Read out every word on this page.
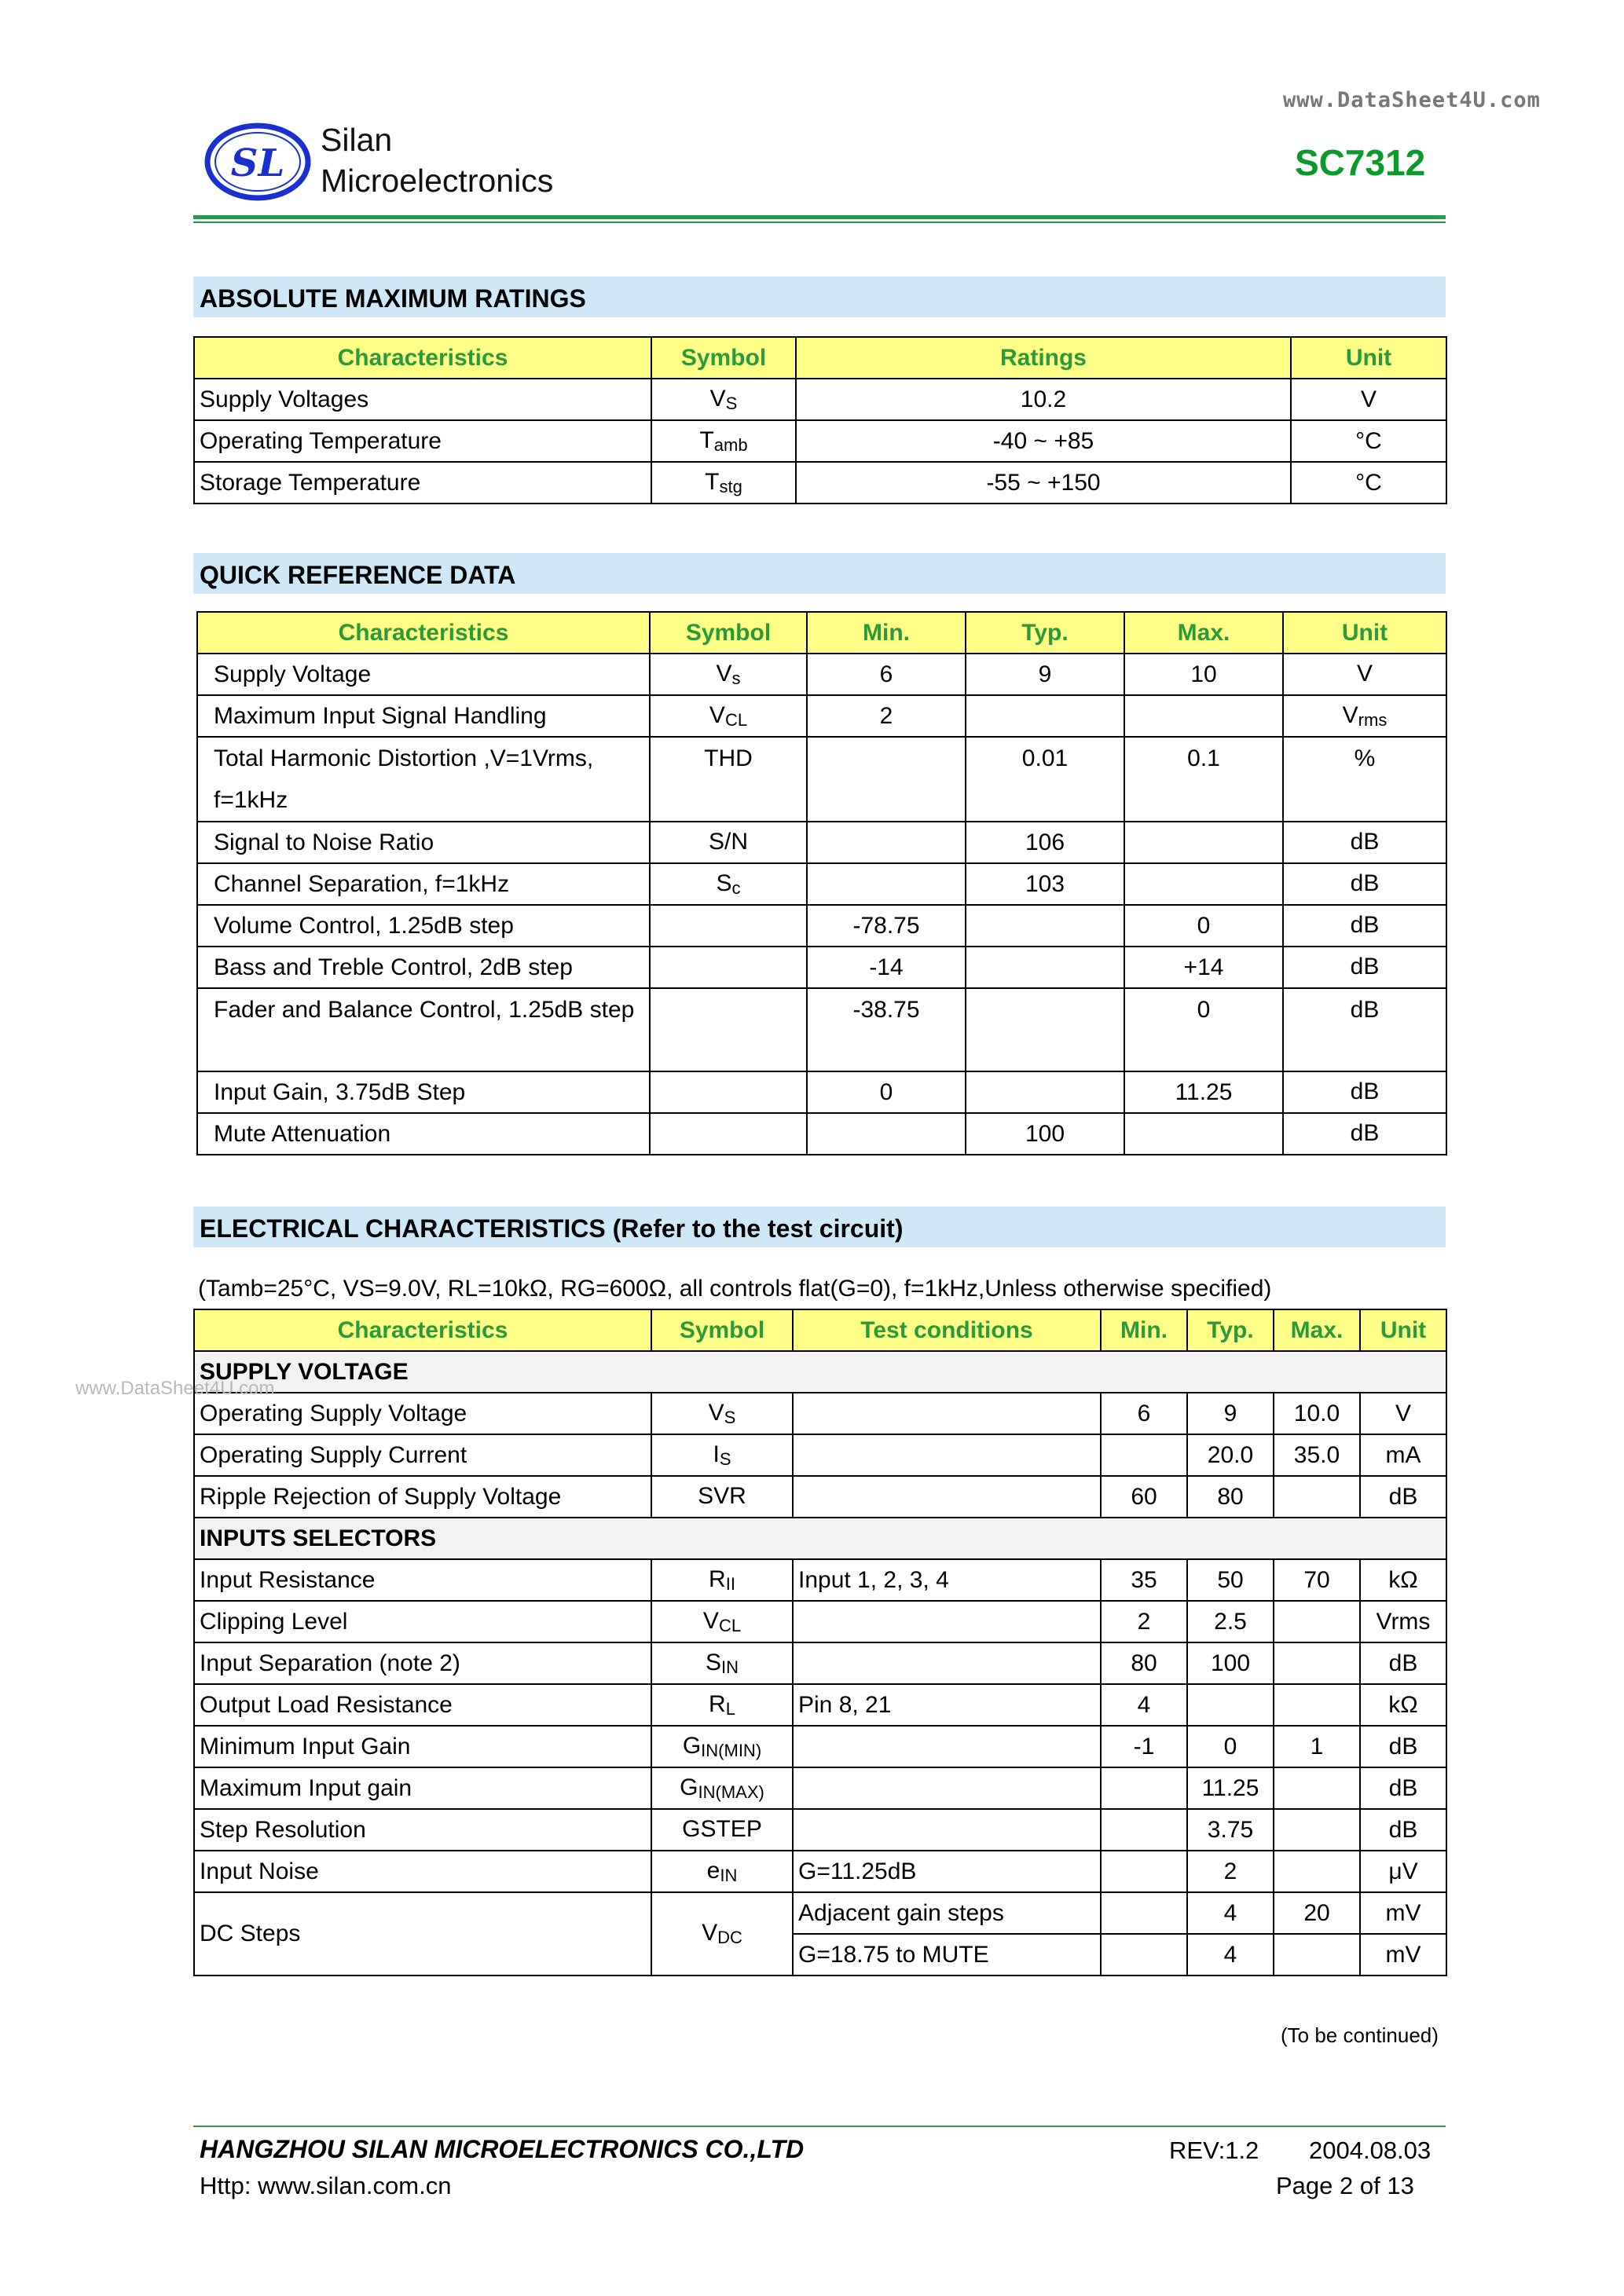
www.DataSheet4U.com
SL
Silan
Microelectronics	SC7312
ABSOLUTE MAXIMUM RATINGS
Characteristics	Symbol	Ratings	Unit
Supply Voltages	$V_S$	10.2	V
Operating Temperature	$T_{amb}$	-40 ~ +85	°C
Storage Temperature	$T_{stg}$	-55 ~ +150	°C
QUICK REFERENCE DATA
Characteristics	Symbol	Min.	Typ.	Max.	Unit
Supply Voltage	$V_s$	6	9	10	V
Maximum Input Signal Handling	$V_{CL}$	2			$V_{rms}$
Total Harmonic Distortion ,V=1Vrms, f=1kHz	THD		0.01	0.1	%
Signal to Noise Ratio	S/N		106		dB
Channel Separation, f=1kHz	$S_c$		103		dB
Volume Control, 1.25dB step		-78.75		0	dB
Bass and Treble Control, 2dB step		-14		+14	dB
Fader and Balance Control, 1.25dB step		-38.75		0	dB
Input Gain, 3.75dB Step		0		11.25	dB
Mute Attenuation			100		dB
ELECTRICAL CHARACTERISTICS (Refer to the test circuit)
(Tamb=25°C, VS=9.0V, RL=10kΩ, RG=600Ω, all controls flat(G=0), f=1kHz,Unless otherwise specified)
Characteristics	Symbol	Test conditions	Min.	Typ.	Max.	Unit
SUPPLY VOLTAGE						
Operating Supply Voltage	$V_S$		6	9	10.0	V
Operating Supply Current	$I_S$			20.0	35.0	mA
Ripple Rejection of Supply Voltage	SVR		60	80		dB
INPUTS SELECTORS						
Input Resistance	$R_{II}$	Input 1, 2, 3, 4	35	50	70	kΩ
Clipping Level	$V_{CL}$		2	2.5		Vrms
Input Separation (note 2)	$S_{IN}$		80	100		dB
Output Load Resistance	$R_L$	Pin 8, 21	4			kΩ
Minimum Input Gain	$G_{IN(MIN)}$		-1	0	1	dB
Maximum Input gain	$G_{IN(MAX)}$			11.25		dB
Step Resolution	GSTEP			3.75		dB
Input Noise	$e_{IN}$	G=11.25dB		2		μV
DC Steps	$V_{DC}$	Adjacent gain steps		4	20	mV
		G=18.75 to MUTE		4		mV
www.DataSheet4U.com
(To be continued)
HANGZHOU SILAN MICROELECTRONICS CO.,LTD
Http: www.silan.com.cn
REV:1.2 2004.08.03
Page 2 of 13
